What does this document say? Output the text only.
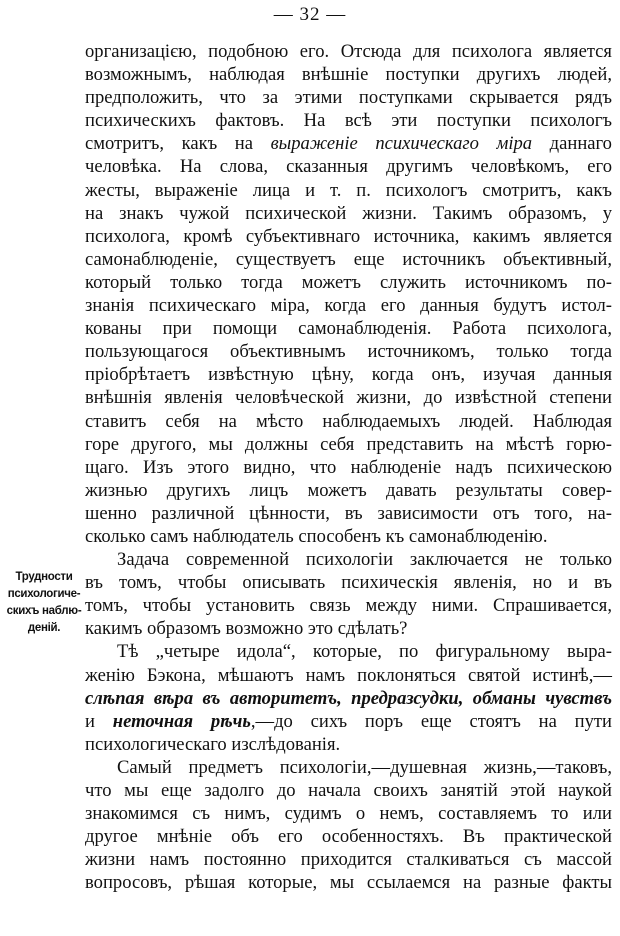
— 32 —
Трудности
психологиче-
скихъ наблю-
деній.
организацією, подобною его. Отсюда для психолога является
возможнымъ, наблюдая внѣшніе поступки другихъ людей,
предположить, что за этими поступками скрывается рядъ
психическихъ фактовъ. На всѣ эти поступки психологъ
смотритъ, какъ на выраженіе психическаго міра даннаго
человѣка. На слова, сказанныя другимъ человѣкомъ, его
жесты, выраженіе лица и т. п. психологъ смотритъ, какъ
на знакъ чужой психической жизни. Такимъ образомъ, у
психолога, кромѣ субъективнаго источника, какимъ является
самонаблюденіе, существуетъ еще источникъ объективный,
который только тогда можетъ служить источникомъ по-
знанія психическаго міра, когда его данныя будутъ истол-
кованы при помощи самонаблюденія. Работа психолога,
пользующагося объективнымъ источникомъ, только тогда
пріобрѣтаетъ извѣстную цѣну, когда онъ, изучая данныя
внѣшнія явленія человѣческой жизни, до извѣстной степени
ставитъ себя на мѣсто наблюдаемыхъ людей. Наблюдая
горе другого, мы должны себя представить на мѣстѣ горю-
щаго. Изъ этого видно, что наблюденіе надъ психическою
жизнью другихъ лицъ можетъ давать результаты совер-
шенно различной цѣнности, въ зависимости отъ того, на-
сколько самъ наблюдатель способенъ къ самонаблюденію.
Задача современной психологіи заключается не только
въ томъ, чтобы описывать психическія явленія, но и въ
томъ, чтобы установить связь между ними. Спрашивается,
какимъ образомъ возможно это сдѣлать?
Тѣ „четыре идола“, которые, по фигуральному выра-
женію Бэкона, мѣшаютъ намъ поклоняться святой истинѣ,—
слѣпая вѣра въ авторитетъ, предразсудки, обманы чувствъ
и неточная рѣчь,—до сихъ поръ еще стоятъ на пути
психологическаго изслѣдованія.
Самый предметъ психологіи,—душевная жизнь,—таковъ,
что мы еще задолго до начала своихъ занятій этой наукой
знакомимся съ нимъ, судимъ о немъ, составляемъ то или
другое мнѣніе объ его особенностяхъ. Въ практической
жизни намъ постоянно приходится сталкиваться съ массой
вопросовъ, рѣшая которые, мы ссылаемся на разные факты
